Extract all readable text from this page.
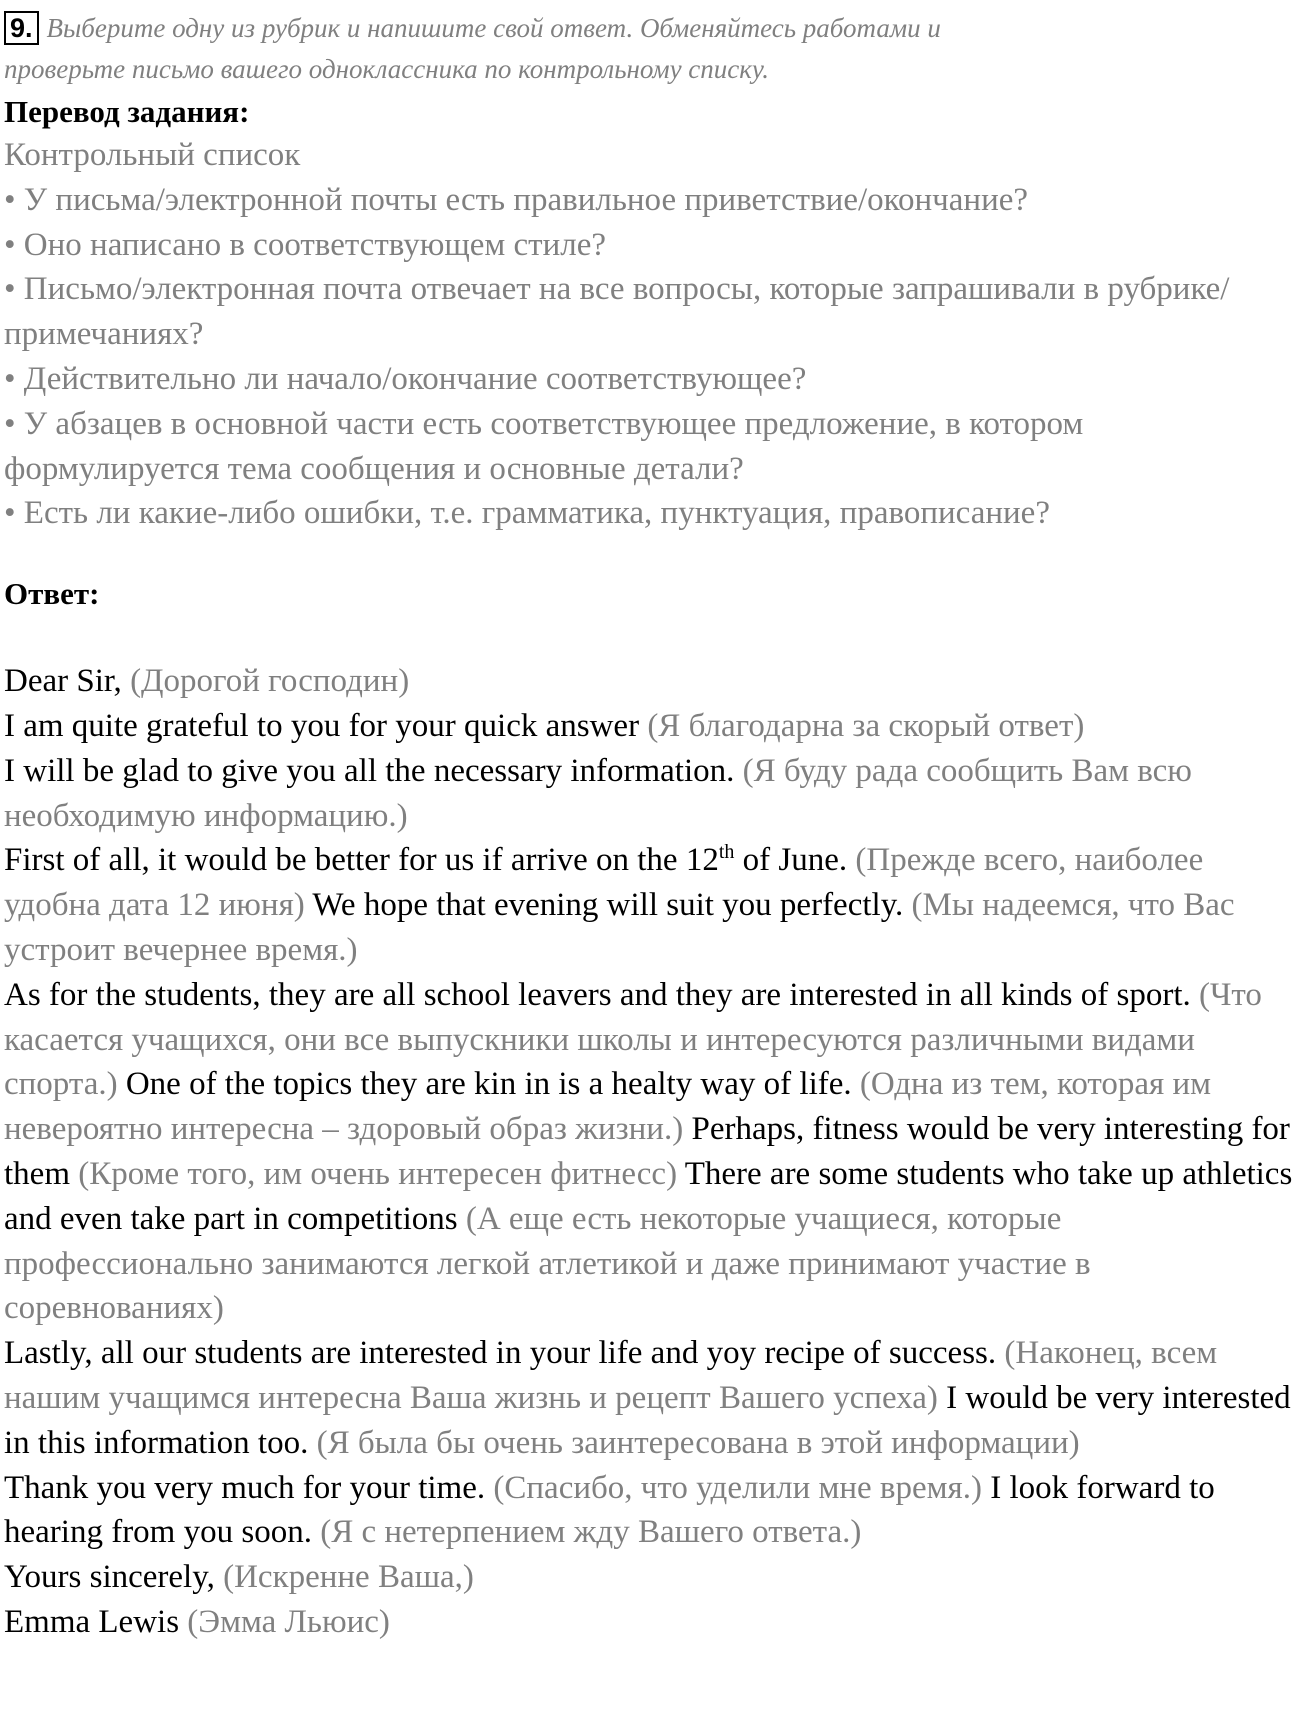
9. Выберите одну из рубрик и напишите свой ответ. Обменяйтесь работами и
проверьте письмо вашего одноклассника по контрольному списку.
Перевод задания:
Контрольный список
• У письма/электронной почты есть правильное приветствие/окончание?
• Оно написано в соответствующем стиле?
• Письмо/электронная почта отвечает на все вопросы, которые запрашивали в рубрике/примечаниях?
• Действительно ли начало/окончание соответствующее?
• У абзацев в основной части есть соответствующее предложение, в котором формулируется тема сообщения и основные детали?
• Есть ли какие-либо ошибки, т.е. грамматика, пунктуация, правописание?
Ответ:
Dear Sir, (Дорогой господин)
I am quite grateful to you for your quick answer (Я благодарна за скорый ответ)
I will be glad to give you all the necessary information. (Я буду рада сообщить Вам всю необходимую информацию.)
First of all, it would be better for us if arrive on the 12th of June. (Прежде всего, наиболее удобна дата 12 июня) We hope that evening will suit you perfectly. (Мы надеемся, что Вас устроит вечернее время.)
As for the students, they are all school leavers and they are interested in all kinds of sport. (Что касается учащихся, они все выпускники школы и интересуются различными видами спорта.) One of the topics they are kin in is a healty way of life. (Одна из тем, которая им невероятно интересна – здоровый образ жизни.) Perhaps, fitness would be very interesting for them (Кроме того, им очень интересен фитнесс) There are some students who take up athletics and even take part in competitions (А еще есть некоторые учащиеся, которые профессионально занимаются легкой атлетикой и даже принимают участие в соревнованиях)
Lastly, all our students are interested in your life and yoy recipe of success. (Наконец, всем нашим учащимся интересна Ваша жизнь и рецепт Вашего успеха) I would be very interested in this information too. (Я была бы очень заинтересована в этой информации)
Thank you very much for your time. (Спасибо, что уделили мне время.) I look forward to hearing from you soon. (Я с нетерпением жду Вашего ответа.)
Yours sincerely, (Искренне Ваша,)
Emma Lewis (Эмма Льюис)
